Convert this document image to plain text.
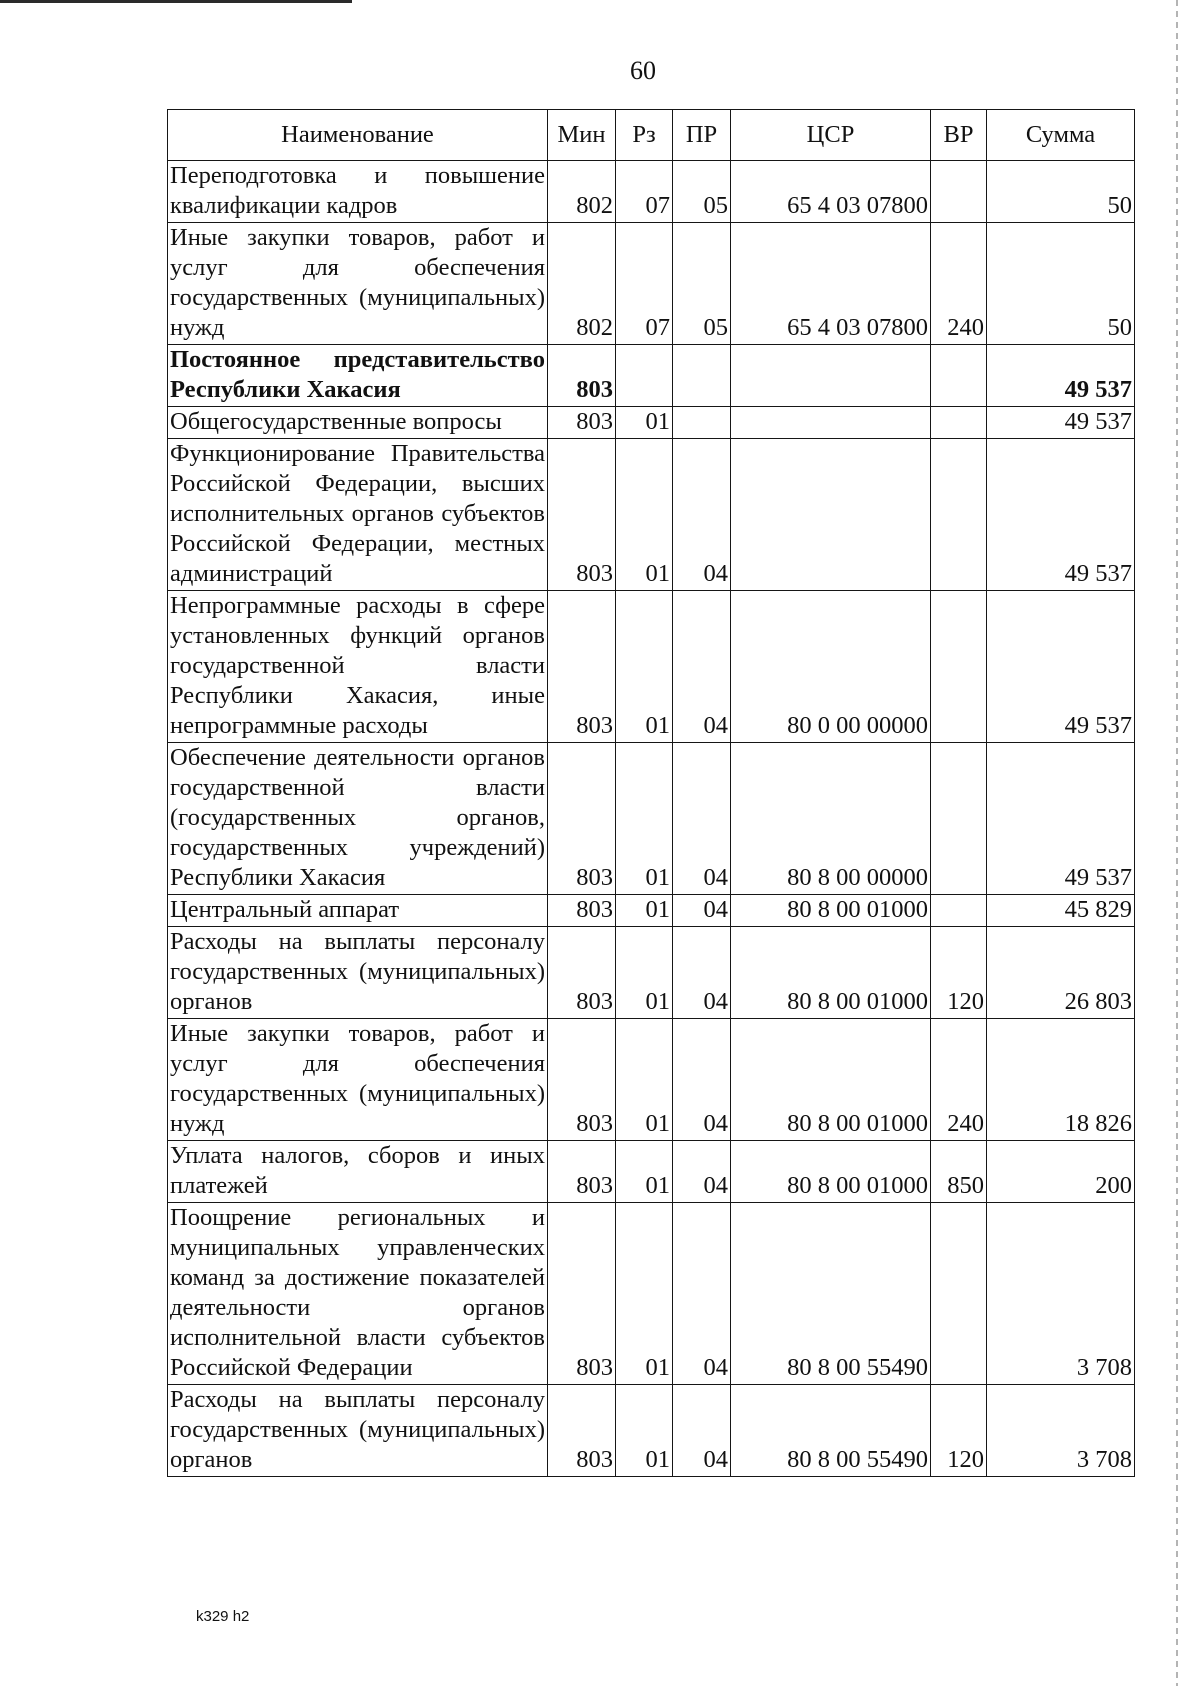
60
Наименование	Мин	Рз	ПР	ЦСР	ВР	Сумма
Переподготовка и повышение квалификации кадров	802	07	05	65 4 03 07800		50
Иные закупки товаров, работ и услуг для обеспечения государственных (муниципальных) нужд	802	07	05	65 4 03 07800	240	50
Постоянное представительство Республики Хакасия	803					49 537
Общегосударственные вопросы	803	01				49 537
Функционирование Правительства Российской Федерации, высших исполнительных органов субъектов Российской Федерации, местных администраций	803	01	04			49 537
Непрограммные расходы в сфере установленных функций органов государственной власти Республики Хакасия, иные непрограммные расходы	803	01	04	80 0 00 00000		49 537
Обеспечение деятельности органов государственной власти (государственных органов, государственных учреждений) Республики Хакасия	803	01	04	80 8 00 00000		49 537
Центральный аппарат	803	01	04	80 8 00 01000		45 829
Расходы на выплаты персоналу государственных (муниципальных) органов	803	01	04	80 8 00 01000	120	26 803
Иные закупки товаров, работ и услуг для обеспечения государственных (муниципальных) нужд	803	01	04	80 8 00 01000	240	18 826
Уплата налогов, сборов и иных платежей	803	01	04	80 8 00 01000	850	200
Поощрение региональных и муниципальных управленческих команд за достижение показателей деятельности органов исполнительной власти субъектов Российской Федерации	803	01	04	80 8 00 55490		3 708
Расходы на выплаты персоналу государственных (муниципальных) органов	803	01	04	80 8 00 55490	120	3 708
k329 h2
